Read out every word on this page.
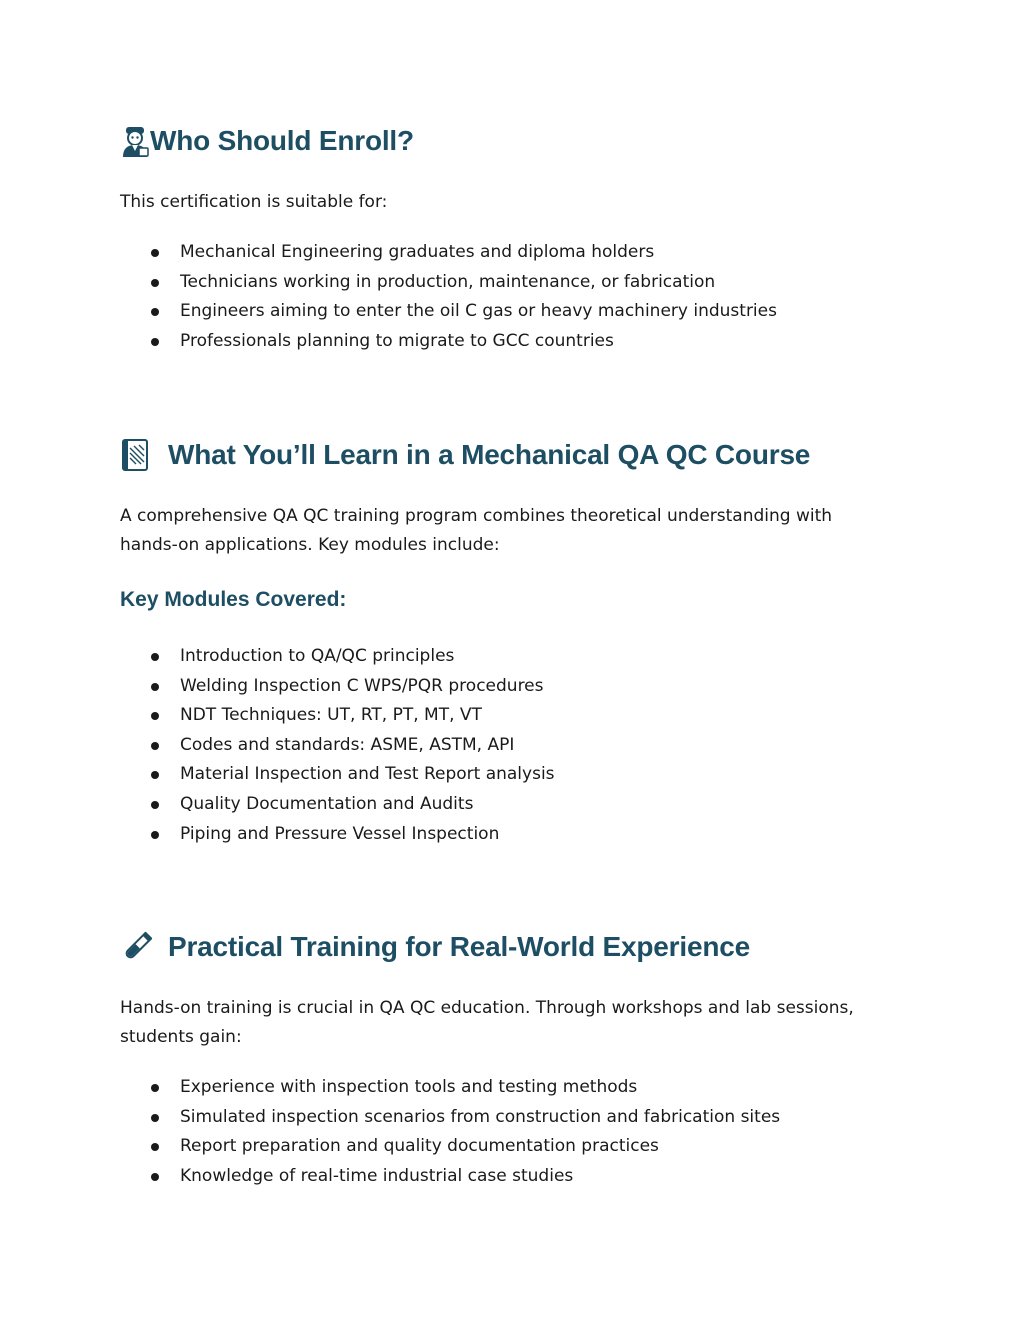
Who Should Enroll?

This certification is suitable for:

Mechanical Engineering graduates and diploma holders
Technicians working in production, maintenance, or fabrication
Engineers aiming to enter the oil C gas or heavy machinery industries
Professionals planning to migrate to GCC countries
What You’ll Learn in a Mechanical QA QC Course

A comprehensive QA QC training program combines theoretical understanding with hands-on applications. Key modules include:

Key Modules Covered:
Introduction to QA/QC principles
Welding Inspection C WPS/PQR procedures
NDT Techniques: UT, RT, PT, MT, VT
Codes and standards: ASME, ASTM, API
Material Inspection and Test Report analysis
Quality Documentation and Audits
Piping and Pressure Vessel Inspection
Practical Training for Real-World Experience

Hands-on training is crucial in QA QC education. Through workshops and lab sessions, students gain:

Experience with inspection tools and testing methods
Simulated inspection scenarios from construction and fabrication sites
Report preparation and quality documentation practices
Knowledge of real-time industrial case studies
